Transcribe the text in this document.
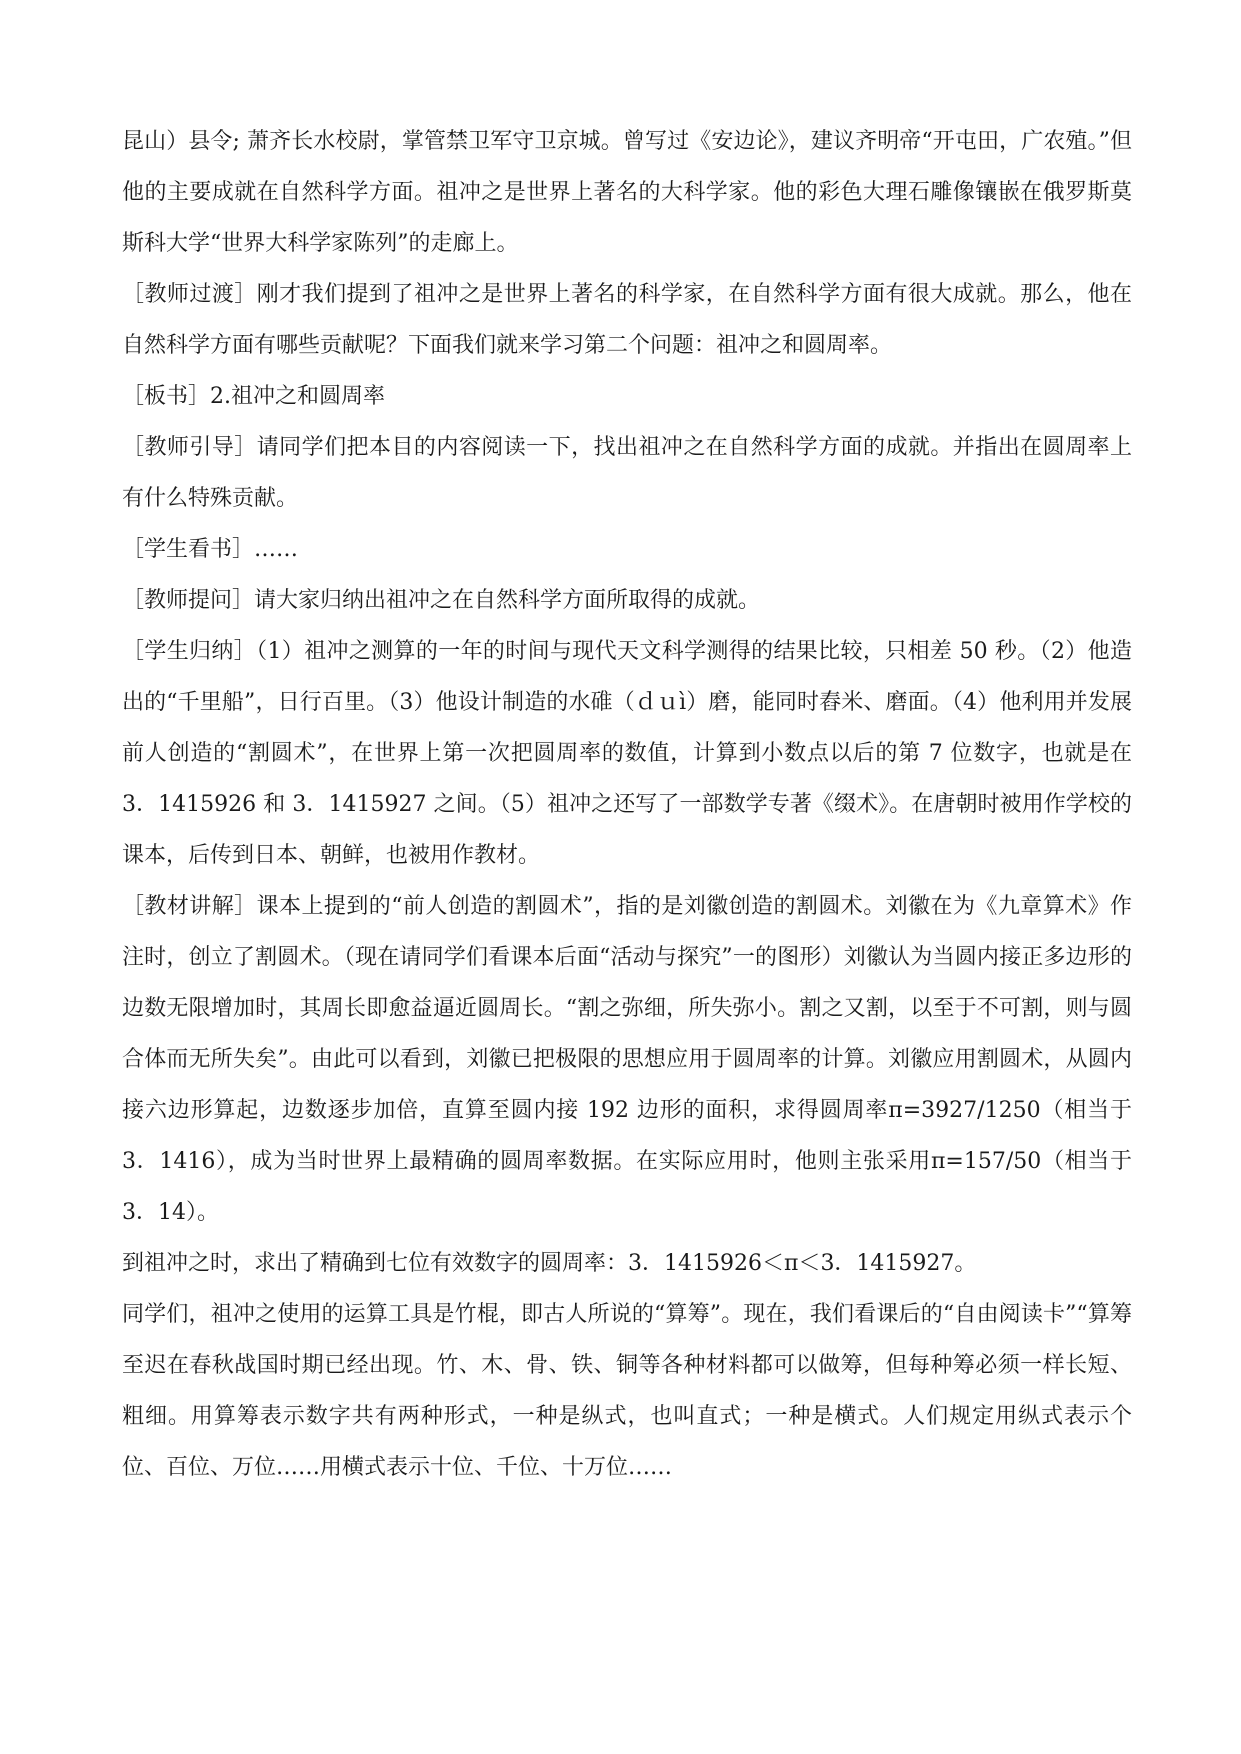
昆山）县令; 萧齐长水校尉，掌管禁卫军守卫京城。曾写过《安边论》，建议齐明帝“开屯田，广农殖。”但他的主要成就在自然科学方面。祖冲之是世界上著名的大科学家。他的彩色大理石雕像镶嵌在俄罗斯莫斯科大学“世界大科学家陈列”的走廊上。

［教师过渡］刚才我们提到了祖冲之是世界上著名的科学家，在自然科学方面有很大成就。那么，他在自然科学方面有哪些贡献呢？下面我们就来学习第二个问题：祖冲之和圆周率。

［板书］2.祖冲之和圆周率

［教师引导］请同学们把本目的内容阅读一下，找出祖冲之在自然科学方面的成就。并指出在圆周率上有什么特殊贡献。

［学生看书］……

［教师提问］请大家归纳出祖冲之在自然科学方面所取得的成就。

［学生归纳］（1）祖冲之测算的一年的时间与现代天文科学测得的结果比较，只相差 50 秒。（2）他造出的“千里船”，日行百里。（3）他设计制造的水碓（ｄｕì）磨，能同时舂米、磨面。（4）他利用并发展前人创造的“割圆术”，在世界上第一次把圆周率的数值，计算到小数点以后的第 7 位数字，也就是在 3．1415926 和 3．1415927 之间。（5）祖冲之还写了一部数学专著《缀术》。在唐朝时被用作学校的课本，后传到日本、朝鲜，也被用作教材。

［教材讲解］课本上提到的“前人创造的割圆术”，指的是刘徽创造的割圆术。刘徽在为《九章算术》作注时，创立了割圆术。（现在请同学们看课本后面“活动与探究”一的图形）刘徽认为当圆内接正多边形的边数无限增加时，其周长即愈益逼近圆周长。“割之弥细，所失弥小。割之又割，以至于不可割，则与圆合体而无所失矣”。由此可以看到，刘徽已把极限的思想应用于圆周率的计算。刘徽应用割圆术，从圆内接六边形算起，边数逐步加倍，直算至圆内接 192 边形的面积，求得圆周率π=3927/1250（相当于 3．1416），成为当时世界上最精确的圆周率数据。在实际应用时，他则主张采用π=157/50（相当于 3．14）。

到祖冲之时，求出了精确到七位有效数字的圆周率：3．1415926＜π＜3．1415927。

同学们，祖冲之使用的运算工具是竹棍，即古人所说的“算筹”。现在，我们看课后的“自由阅读卡”“算筹至迟在春秋战国时期已经出现。竹、木、骨、铁、铜等各种材料都可以做筹，但每种筹必须一样长短、粗细。用算筹表示数字共有两种形式，一种是纵式，也叫直式；一种是横式。人们规定用纵式表示个位、百位、万位……用横式表示十位、千位、十万位……
